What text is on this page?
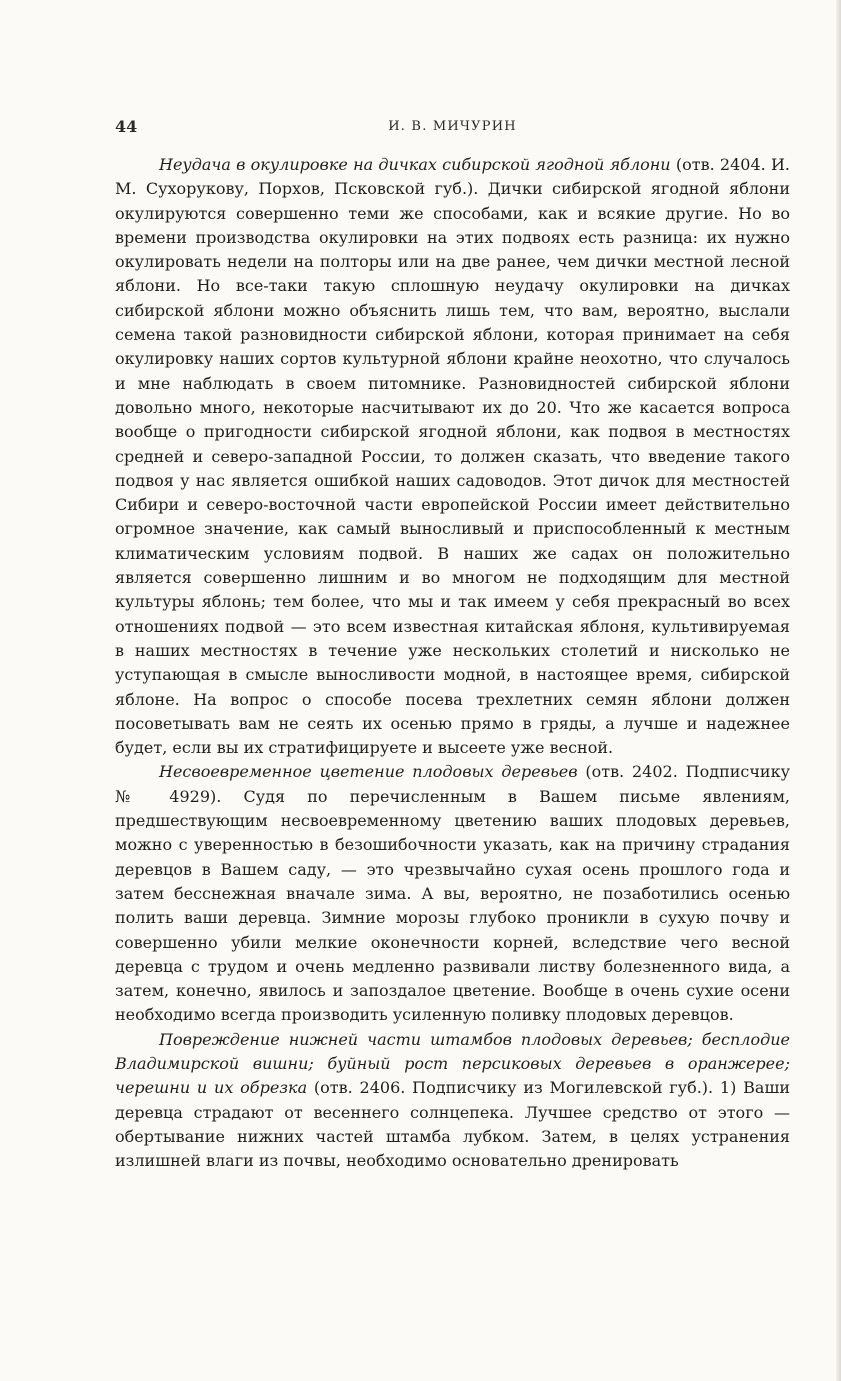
44	И. В. МИЧУРИН

Неудача в окулировке на дичках сибирской ягодной яблони (отв. 2404. И. М. Сухорукову, Порхов, Псковской губ.). Дички сибирской ягодной яблони окулируются совершенно теми же способами, как и всякие другие. Но во времени производства окулировки на этих подвоях есть разница: их нужно окулировать недели на полторы или на две ранее, чем дички местной лесной яблони. Но все-таки такую сплошную неудачу окулировки на дичках сибирской яблони можно объяснить лишь тем, что вам, вероятно, выслали семена такой разновидности сибирской яблони, которая принимает на себя окулировку наших сортов культурной яблони крайне неохотно, что случалось и мне наблюдать в своем питомнике. Разновидностей сибирской яблони довольно много, некоторые насчитывают их до 20. Что же касается вопроса вообще о пригодности сибирской ягодной яблони, как подвоя в местностях средней и северо-западной России, то должен сказать, что введение такого подвоя у нас является ошибкой наших садоводов. Этот дичок для местностей Сибири и северо-восточной части европейской России имеет действительно огромное значение, как самый выносливый и приспособленный к местным климатическим условиям подвой. В наших же садах он положительно является совершенно лишним и во многом не подходящим для местной культуры яблонь; тем более, что мы и так имеем у себя прекрасный во всех отношениях подвой — это всем известная китайская яблоня, культивируемая в наших местностях в течение уже нескольких столетий и нисколько не уступающая в смысле выносливости модной, в настоящее время, сибирской яблоне. На вопрос о способе посева трехлетних семян яблони должен посоветывать вам не сеять их осенью прямо в гряды, а лучше и надежнее будет, если вы их стратифицируете и высеете уже весной.

Несвоевременное цветение плодовых деревьев (отв. 2402. Подписчику № 4929). Судя по перечисленным в Вашем письме явлениям, предшествующим несвоевременному цветению ваших плодовых деревьев, можно с уверенностью в безошибочности указать, как на причину страдания деревцов в Вашем саду, — это чрезвычайно сухая осень прошлого года и затем бесснежная вначале зима. А вы, вероятно, не позаботились осенью полить ваши деревца. Зимние морозы глубоко проникли в сухую почву и совершенно убили мелкие оконечности корней, вследствие чего весной деревца с трудом и очень медленно развивали листву болезненного вида, а затем, конечно, явилось и запоздалое цветение. Вообще в очень сухие осени необходимо всегда производить усиленную поливку плодовых деревцов.

Повреждение нижней части штамбов плодовых деревьев; бесплодие Владимирской вишни; буйный рост персиковых деревьев в оранжерее; черешни и их обрезка (отв. 2406. Подписчику из Могилевской губ.). 1) Ваши деревца страдают от весеннего солнцепека. Лучшее средство от этого — обертывание нижних частей штамба лубком. Затем, в целях устранения излишней влаги из почвы, необходимо основательно дренировать
